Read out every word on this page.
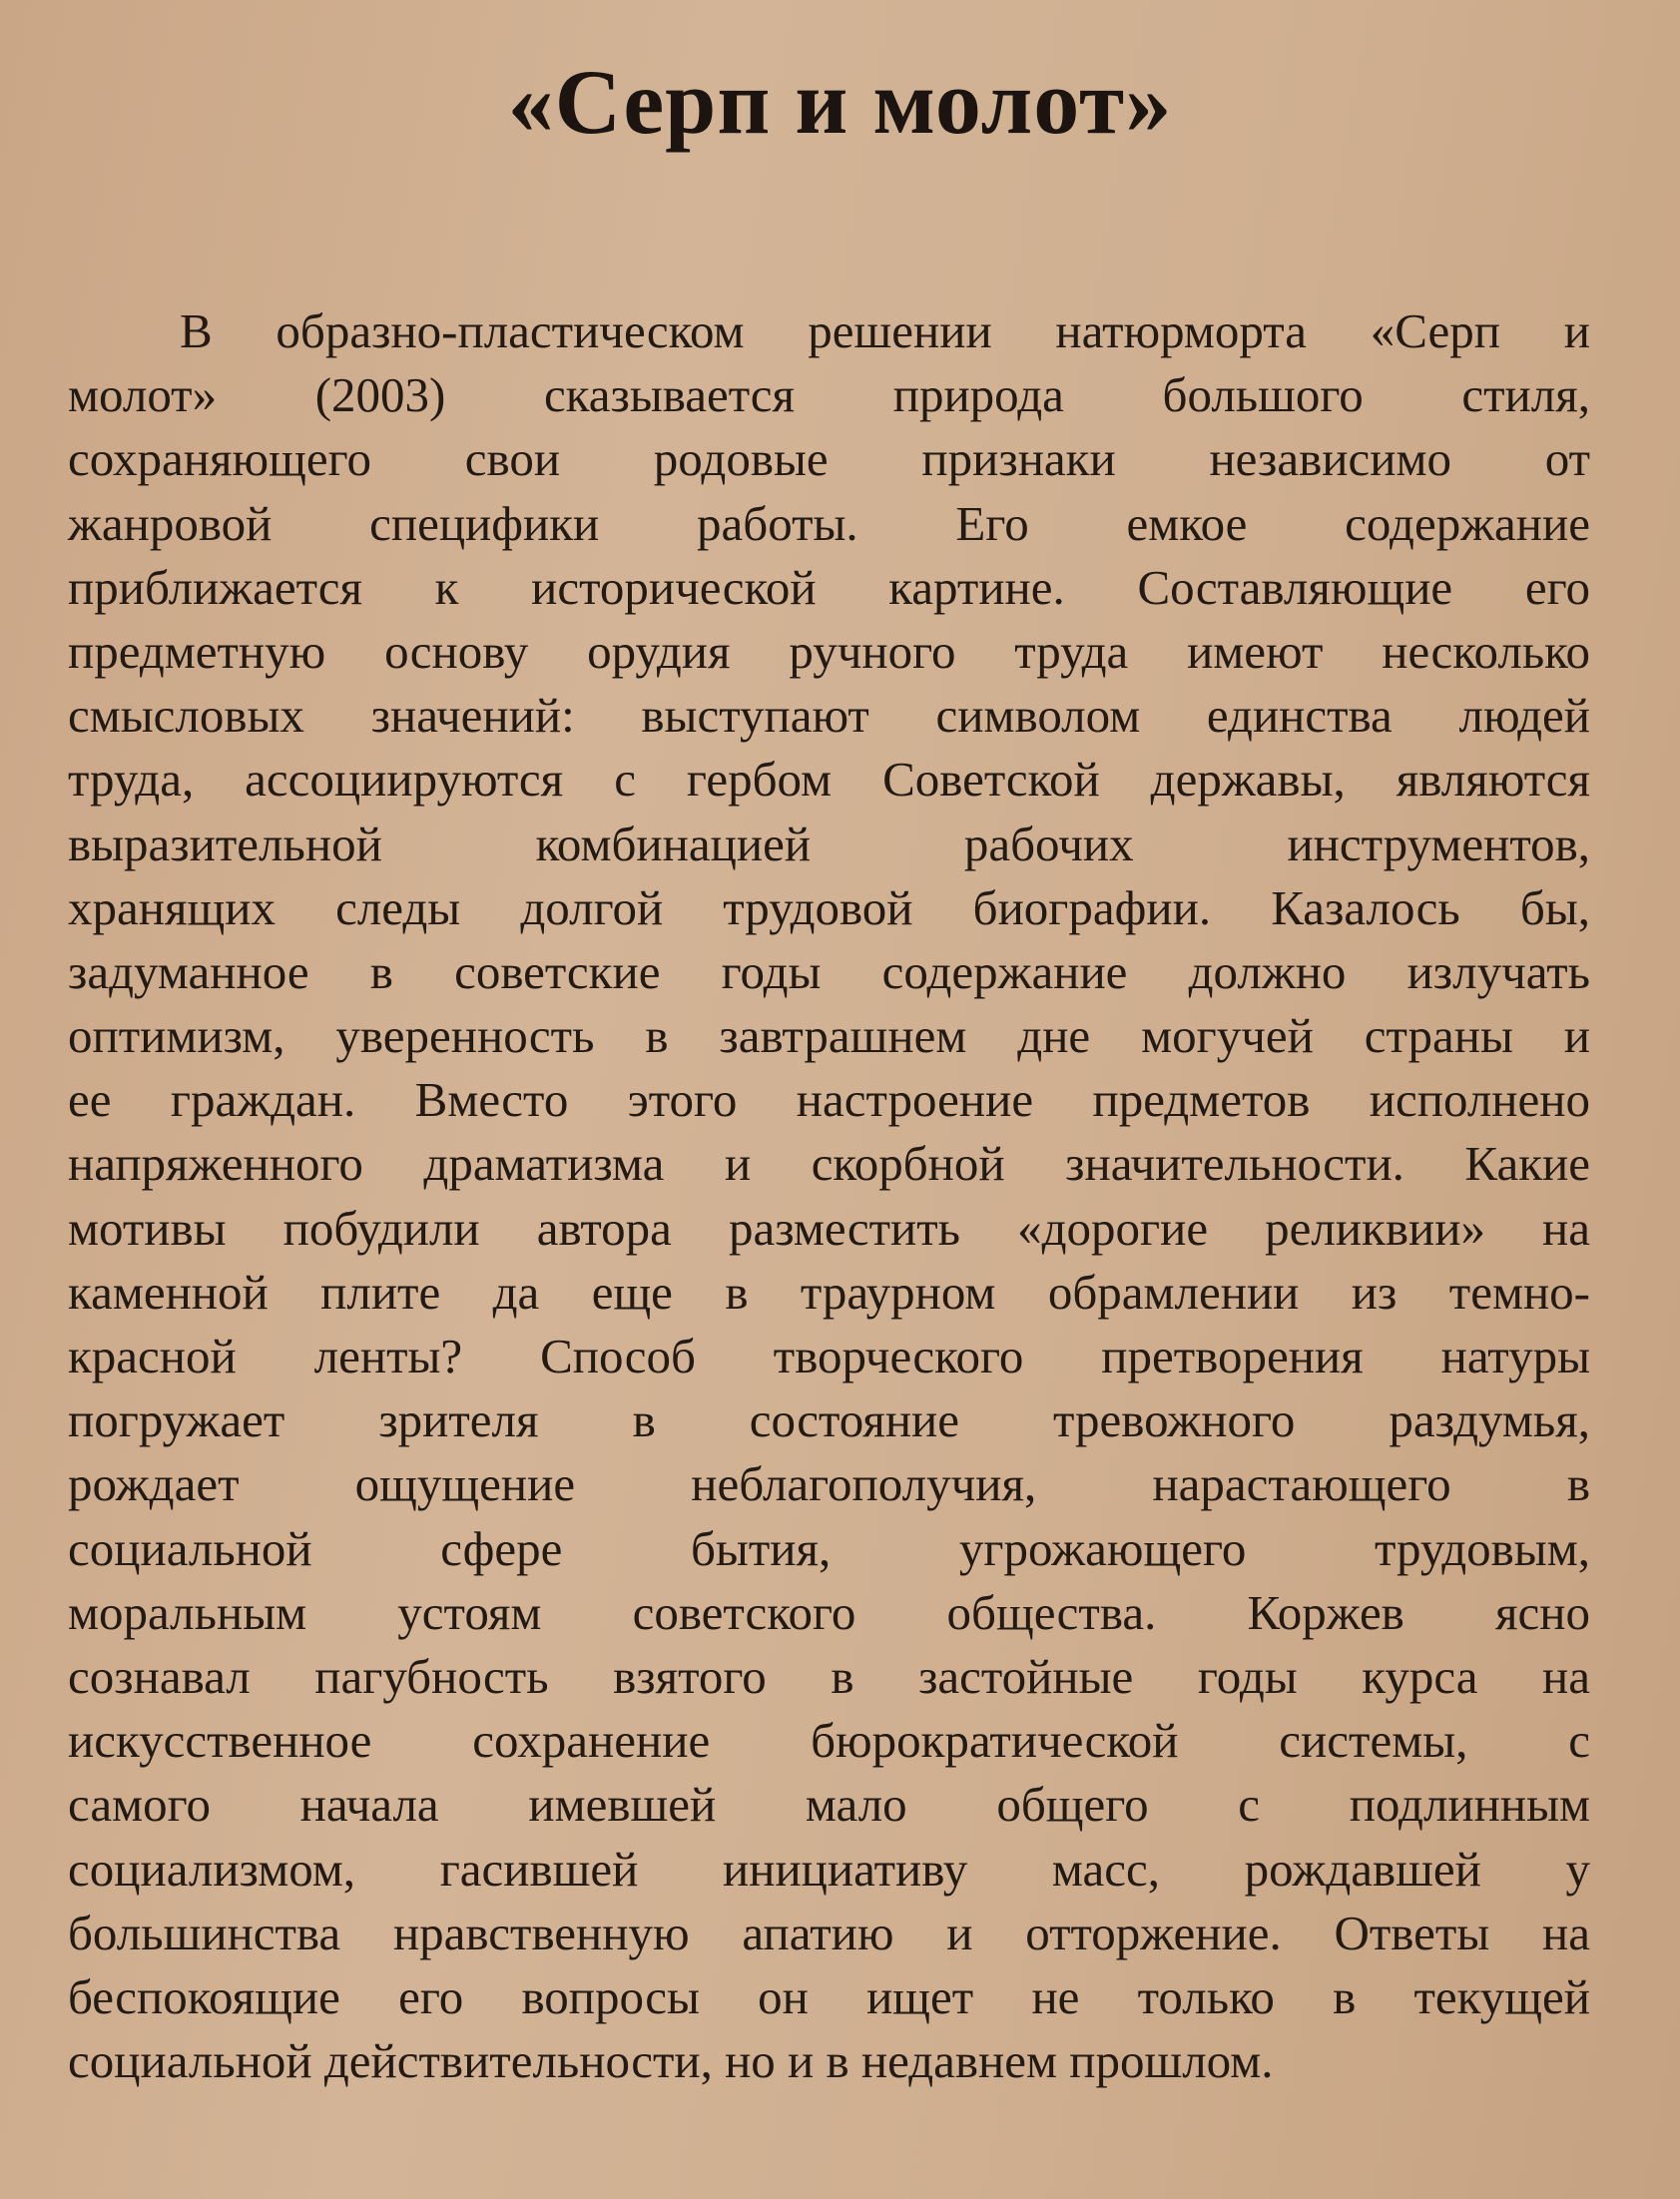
«Серп и молот»
В образно-пластическом решении натюрморта «Серп и
молот» (2003) сказывается природа большого стиля,
сохраняющего свои родовые признаки независимо от
жанровой специфики работы. Его емкое содержание
приближается к исторической картине. Составляющие его
предметную основу орудия ручного труда имеют несколько
смысловых значений: выступают символом единства людей
труда, ассоциируются с гербом Советской державы, являются
выразительной комбинацией рабочих инструментов,
хранящих следы долгой трудовой биографии. Казалось бы,
задуманное в советские годы содержание должно излучать
оптимизм, уверенность в завтрашнем дне могучей страны и
ее граждан. Вместо этого настроение предметов исполнено
напряженного драматизма и скорбной значительности. Какие
мотивы побудили автора разместить «дорогие реликвии» на
каменной плите да еще в траурном обрамлении из темно-
красной ленты? Способ творческого претворения натуры
погружает зрителя в состояние тревожного раздумья,
рождает ощущение неблагополучия, нарастающего в
социальной сфере бытия, угрожающего трудовым,
моральным устоям советского общества. Коржев ясно
сознавал пагубность взятого в застойные годы курса на
искусственное сохранение бюрократической системы, с
самого начала имевшей мало общего с подлинным
социализмом, гасившей инициативу масс, рождавшей у
большинства нравственную апатию и отторжение. Ответы на
беспокоящие его вопросы он ищет не только в текущей
социальной действительности, но и в недавнем прошлом.
